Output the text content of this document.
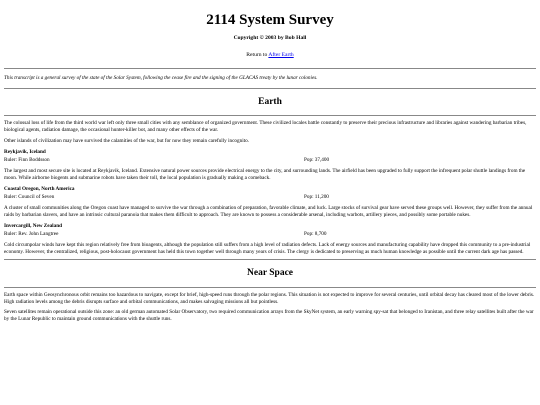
2114 System Survey
Copyright © 2003 by Bob Hall
Return to After Earth

This transcript is a general survey of the state of the Solar System, following the cease fire and the signing of the GLACAS treaty by the lunar colonies.

Earth

The colossal loss of life from the third world war left only three small cities with any semblance of organized government. These civilized locales battle constantly to preserve their precious infrastructure and libraries against wandering barbarian tribes, biological agents, radiation damage, the occasional hunter-killer bot, and many other effects of the war.

Other islands of civilization may have survived the calamities of the war, but for now they remain carefully incognito.

Reykjavik, Iceland
Ruler: Finn Boddsson	Pop: 37,400

The largest and most secure site is located at Reykjavik, Iceland. Extensive natural power sources provide electrical energy to the city, and surrounding lands. The airfield has been upgraded to fully support the infrequent polar shuttle landings from the moon. While airborne biogents and submarine robots have taken their toll, the local population is gradually making a comeback.

Coastal Oregon, North America
Ruler: Council of Seven	Pop: 11,200

A cluster of small communities along the Oregon coast have managed to survive the war through a combination of preparation, favorable climate, and luck. Large stocks of survival gear have served these groups well. However, they suffer from the annual raids by barbarian slavers, and have an intrinsic cultural paranoia that makes them difficult to approach. They are known to possess a considerable arsenal, including warbots, artillery pieces, and possibly some portable nukes.

Invercargill, New Zealand
Ruler: Rev. John Langtree	Pop: 8,700

Cold circumpolar winds have kept this region relatively free from bioagents, although the population still suffers from a high level of radiation defects. Lack of energy sources and manufacturing capability have dropped this community to a pre-industrial economy. However, the centralized, religious, post-holocaust government has held this town together well through many years of crisis. The clergy is dedicated to preserving as much human knowledge as possible until the current dark age has passed.

Near Space

Earth space within Geosynchronous orbit remains too hazardous to navigate, except for brief, high-speed runs through the polar regions. This situation is not expected to improve for several centuries, until orbital decay has cleared most of the lower debris. High radiation levels among the debris disrupts surface and orbital communications, and makes salvaging missions all but pointless.

Seven satellites remain operational outside this zone: an old german automated Solar Observatory, two required communication arrays from the SkyNet system, an early warning spy-sat that belonged to Iranistan, and three relay satellites built after the war by the Lunar Republic to maintain ground communications with the shuttle runs.
